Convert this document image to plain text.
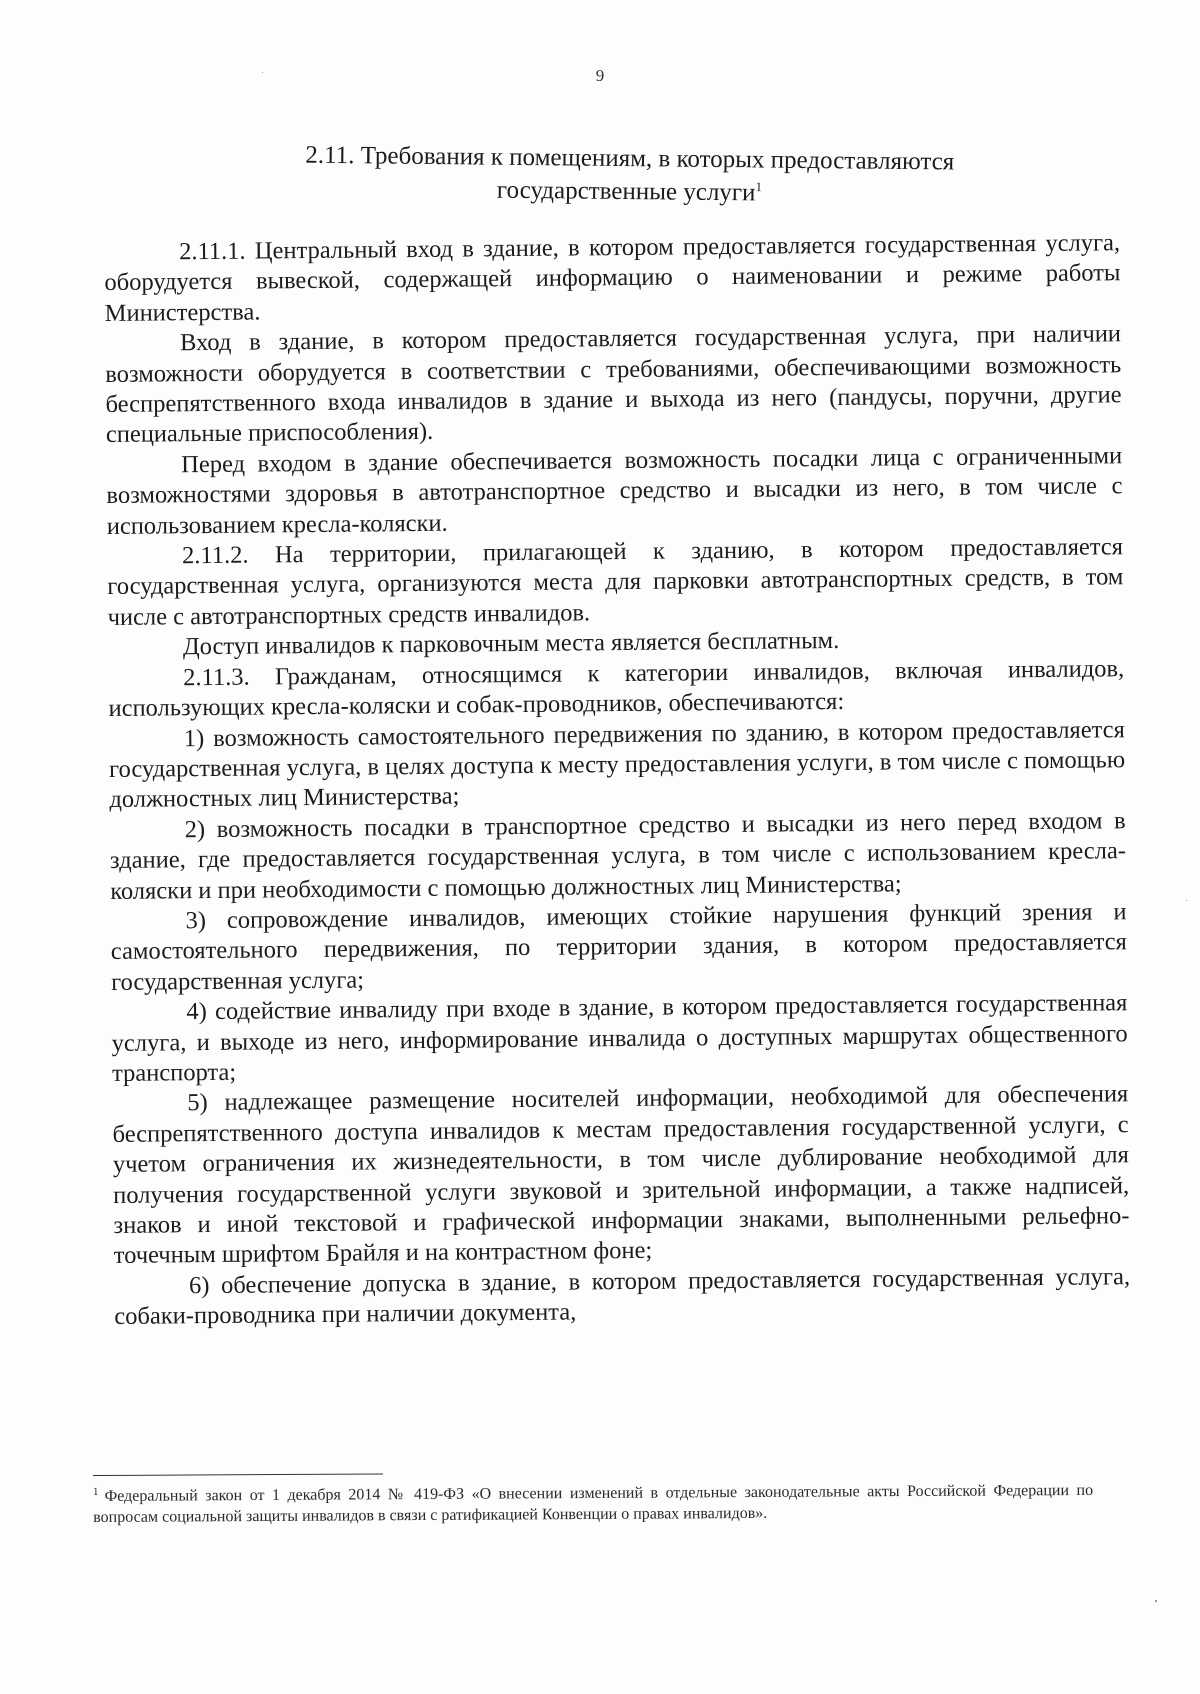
9
2.11. Требования к помещениям, в которых предоставляются
государственные услуги$^1$

2.11.1. Центральный вход в здание, в котором предоставляется государственная услуга, оборудуется вывеской, содержащей информацию о наименовании и режиме работы Министерства.

Вход в здание, в котором предоставляется государственная услуга, при наличии возможности оборудуется в соответствии с требованиями, обеспечивающими возможность беспрепятственного входа инвалидов в здание и выхода из него (пандусы, поручни, другие специальные приспособления).

Перед входом в здание обеспечивается возможность посадки лица с ограниченными возможностями здоровья в автотранспортное средство и высадки из него, в том числе с использованием кресла-коляски.

2.11.2. На территории, прилагающей к зданию, в котором предоставляется государственная услуга, организуются места для парковки автотранспортных средств, в том числе с автотранспортных средств инвалидов.

Доступ инвалидов к парковочным места является бесплатным.

2.11.3. Гражданам, относящимся к категории инвалидов, включая инвалидов, использующих кресла-коляски и собак-проводников, обеспечиваются:

1) возможность самостоятельного передвижения по зданию, в котором предоставляется государственная услуга, в целях доступа к месту предоставления услуги, в том числе с помощью должностных лиц Министерства;

2) возможность посадки в транспортное средство и высадки из него перед входом в здание, где предоставляется государственная услуга, в том числе с использованием кресла-коляски и при необходимости с помощью должностных лиц Министерства;

3) сопровождение инвалидов, имеющих стойкие нарушения функций зрения и самостоятельного передвижения, по территории здания, в котором предоставляется государственная услуга;

4) содействие инвалиду при входе в здание, в котором предоставляется государственная услуга, и выходе из него, информирование инвалида о доступных маршрутах общественного транспорта;

5) надлежащее размещение носителей информации, необходимой для обеспечения беспрепятственного доступа инвалидов к местам предоставления государственной услуги, с учетом ограничения их жизнедеятельности, в том числе дублирование необходимой для получения государственной услуги звуковой и зрительной информации, а также надписей, знаков и иной текстовой и графической информации знаками, выполненными рельефно-точечным шрифтом Брайля и на контрастном фоне;

6) обеспечение допуска в здание, в котором предоставляется государственная услуга, собаки-проводника при наличии документа,

$^1$ Федеральный закон от 1 декабря 2014 № 419-ФЗ «О внесении изменений в отдельные законодательные акты Российской Федерации по вопросам социальной защиты инвалидов в связи с ратификацией Конвенции о правах инвалидов».
